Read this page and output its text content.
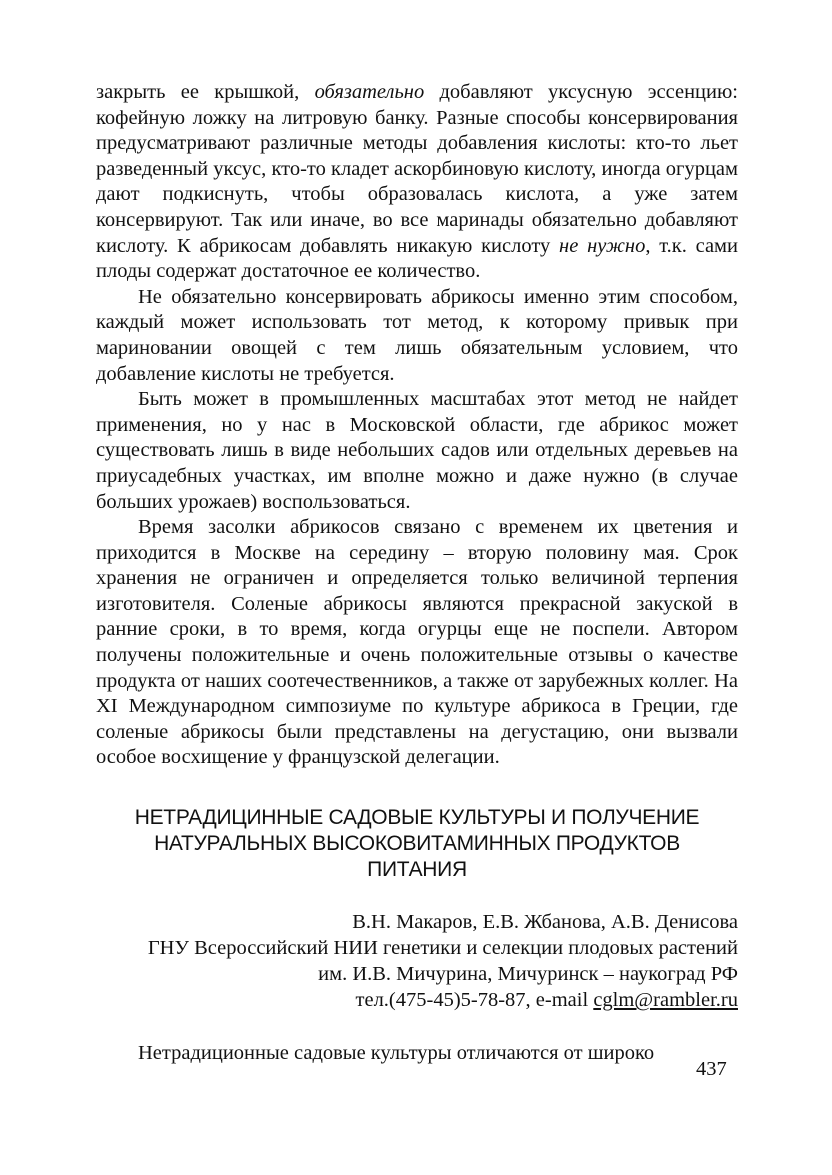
закрыть ее крышкой, обязательно добавляют уксусную эссенцию: кофейную ложку на литровую банку. Разные способы консервирования предусматривают различные методы добавления кислоты: кто-то льет разведенный уксус, кто-то кладет аскорбиновую кислоту, иногда огурцам дают подкиснуть, чтобы образовалась кислота, а уже затем консервируют. Так или иначе, во все маринады обязательно добавляют кислоту. К абрикосам добавлять никакую кислоту не нужно, т.к. сами плоды содержат достаточное ее количество.

Не обязательно консервировать абрикосы именно этим способом, каждый может использовать тот метод, к которому привык при мариновании овощей с тем лишь обязательным условием, что добавление кислоты не требуется.

Быть может в промышленных масштабах этот метод не найдет применения, но у нас в Московской области, где абрикос может существовать лишь в виде небольших садов или отдельных деревьев на приусадебных участках, им вполне можно и даже нужно (в случае больших урожаев) воспользоваться.

Время засолки абрикосов связано с временем их цветения и приходится в Москве на середину – вторую половину мая. Срок хранения не ограничен и определяется только величиной терпения изготовителя. Соленые абрикосы являются прекрасной закуской в ранние сроки, в то время, когда огурцы еще не поспели. Автором получены положительные и очень положительные отзывы о качестве продукта от наших соотечественников, а также от зарубежных коллег. На XI Международном симпозиуме по культуре абрикоса в Греции, где соленые абрикосы были представлены на дегустацию, они вызвали особое восхищение у французской делегации.

НЕТРАДИЦИННЫЕ САДОВЫЕ КУЛЬТУРЫ И ПОЛУЧЕНИЕ
НАТУРАЛЬНЫХ ВЫСОКОВИТАМИННЫХ ПРОДУКТОВ
ПИТАНИЯ
В.Н. Макаров, Е.В. Жбанова, А.В. Денисова
ГНУ Всероссийский НИИ генетики и селекции плодовых растений
им. И.В. Мичурина, Мичуринск – наукоград РФ
тел.(475-45)5-78-87, e-mail cglm@rambler.ru

Нетрадиционные садовые культуры отличаются от широко

437
